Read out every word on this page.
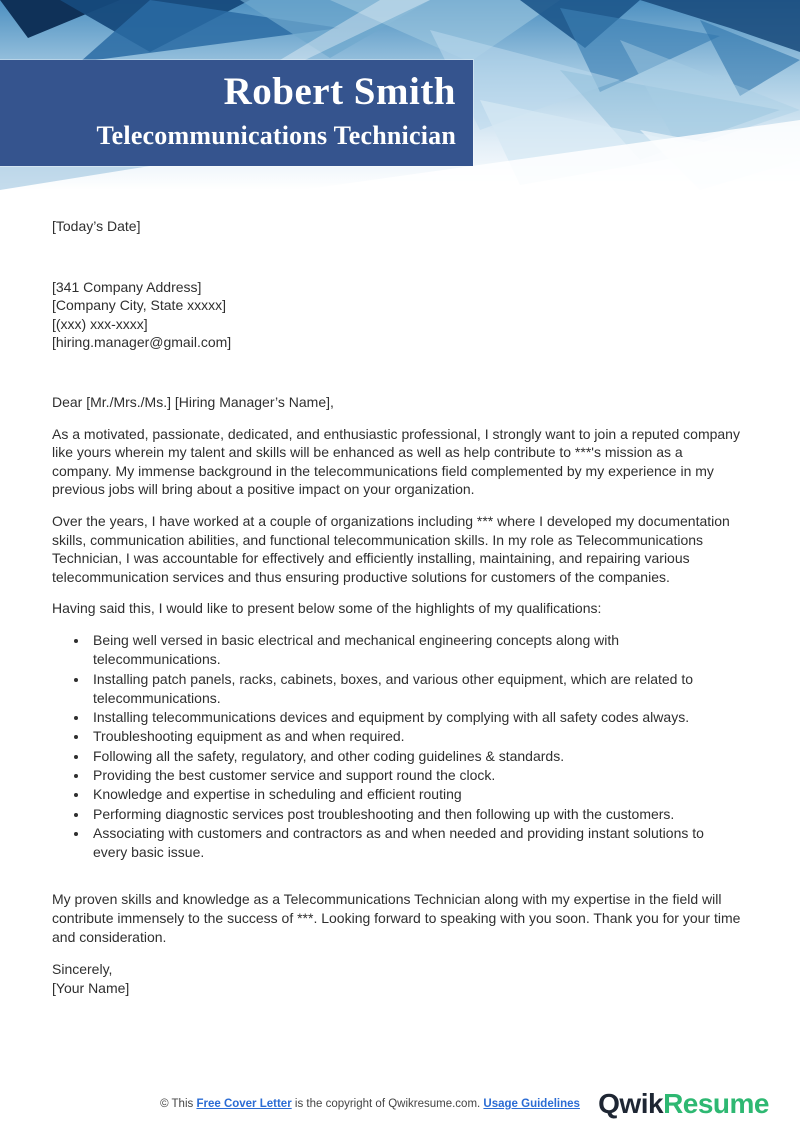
Robert Smith
Telecommunications Technician
[Today’s Date]
[341 Company Address]
[Company City, State xxxxx]
[(xxx) xxx-xxxx]
[hiring.manager@gmail.com]
Dear [Mr./Mrs./Ms.] [Hiring Manager’s Name],

As a motivated, passionate, dedicated, and enthusiastic professional, I strongly want to join a reputed company like yours wherein my talent and skills will be enhanced as well as help contribute to ***'s mission as a company. My immense background in the telecommunications field complemented by my experience in my previous jobs will bring about a positive impact on your organization.

Over the years, I have worked at a couple of organizations including *** where I developed my documentation skills, communication abilities, and functional telecommunication skills. In my role as Telecommunications Technician, I was accountable for effectively and efficiently installing, maintaining, and repairing various telecommunication services and thus ensuring productive solutions for customers of the companies.

Having said this, I would like to present below some of the highlights of my qualifications:

• Being well versed in basic electrical and mechanical engineering concepts along with telecommunications.
• Installing patch panels, racks, cabinets, boxes, and various other equipment, which are related to telecommunications.
• Installing telecommunications devices and equipment by complying with all safety codes always.
• Troubleshooting equipment as and when required.
• Following all the safety, regulatory, and other coding guidelines & standards.
• Providing the best customer service and support round the clock.
• Knowledge and expertise in scheduling and efficient routing
• Performing diagnostic services post troubleshooting and then following up with the customers.
• Associating with customers and contractors as and when needed and providing instant solutions to every basic issue.

My proven skills and knowledge as a Telecommunications Technician along with my expertise in the field will contribute immensely to the success of ***. Looking forward to speaking with you soon. Thank you for your time and consideration.

Sincerely,
[Your Name]
© This Free Cover Letter is the copyright of Qwikresume.com. Usage Guidelines QwikResume
